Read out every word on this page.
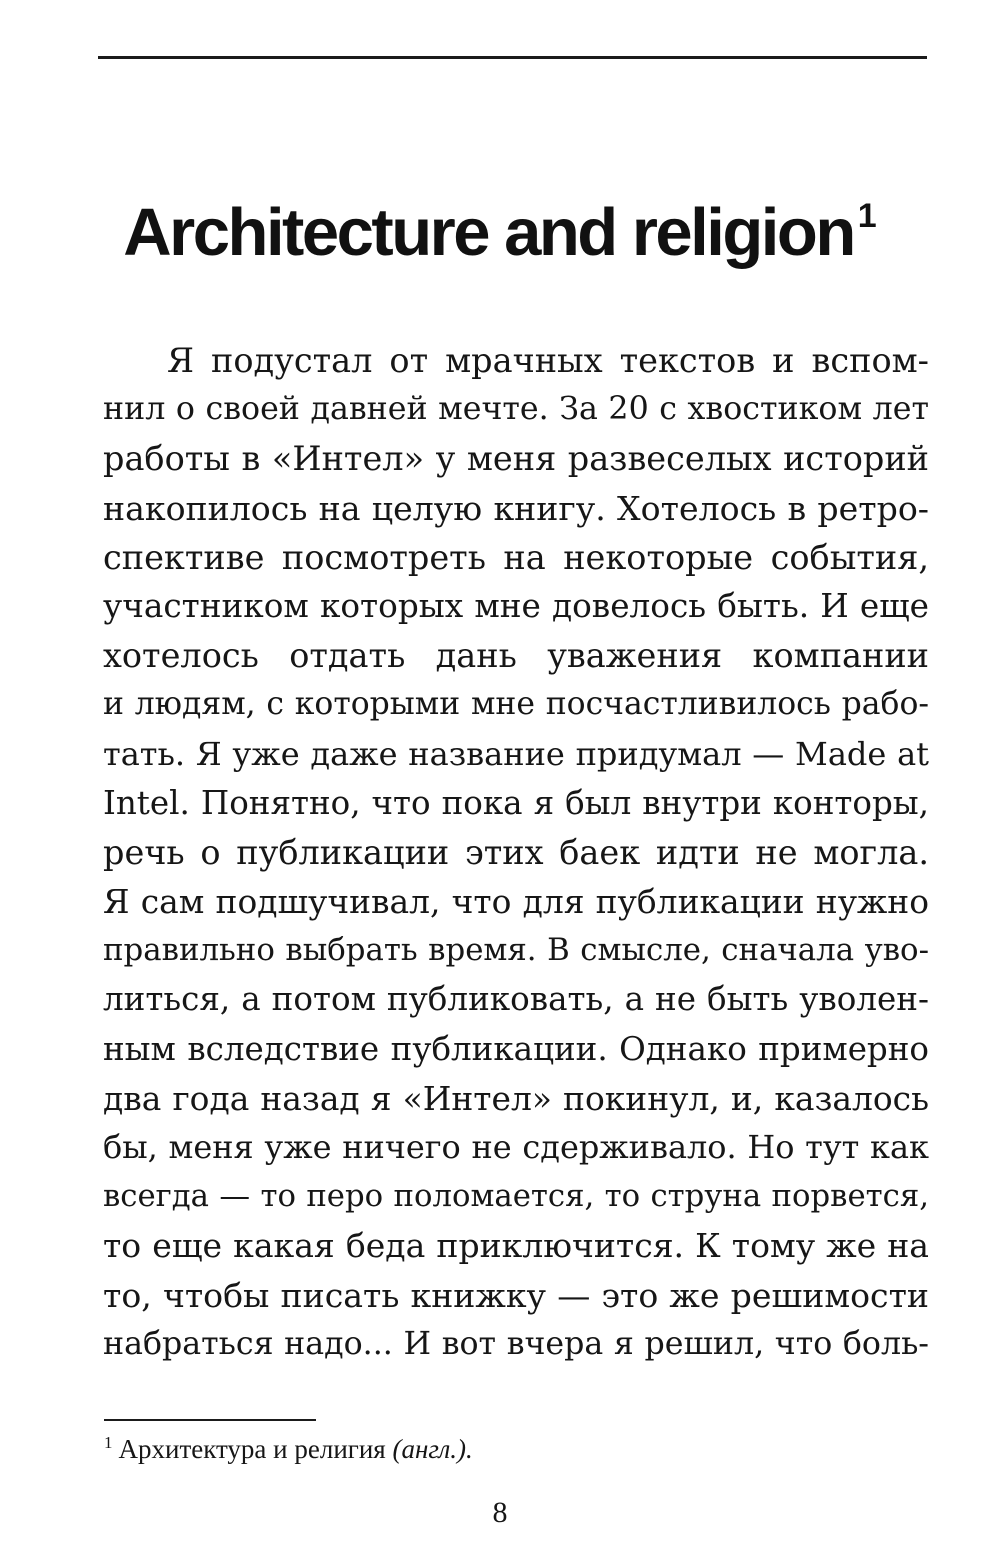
Architecture and religion $^1$
Я подустал от мрачных текстов и вспом-
нил о своей давней мечте. За 20 с хвостиком лет
работы в «Интел» у меня развеселых историй
накопилось на целую книгу. Хотелось в ретро-
спективе посмотреть на некоторые события,
участником которых мне довелось быть. И еще
хотелось отдать дань уважения компании
и людям, с которыми мне посчастливилось рабо-
тать. Я уже даже название придумал — Made at
Intel. Понятно, что пока я был внутри конторы,
речь о публикации этих баек идти не могла.
Я сам подшучивал, что для публикации нужно
правильно выбрать время. В смысле, сначала уво-
литься, а потом публиковать, а не быть уволен-
ным вследствие публикации. Однако примерно
два года назад я «Интел» покинул, и, казалось
бы, меня уже ничего не сдерживало. Но тут как
всегда — то перо поломается, то струна порвется,
то еще какая беда приключится. К тому же на
то, чтобы писать книжку — это же решимости
набраться надо... И вот вчера я решил, что боль-
$^1$ Архитектура и религия (англ.).
8
